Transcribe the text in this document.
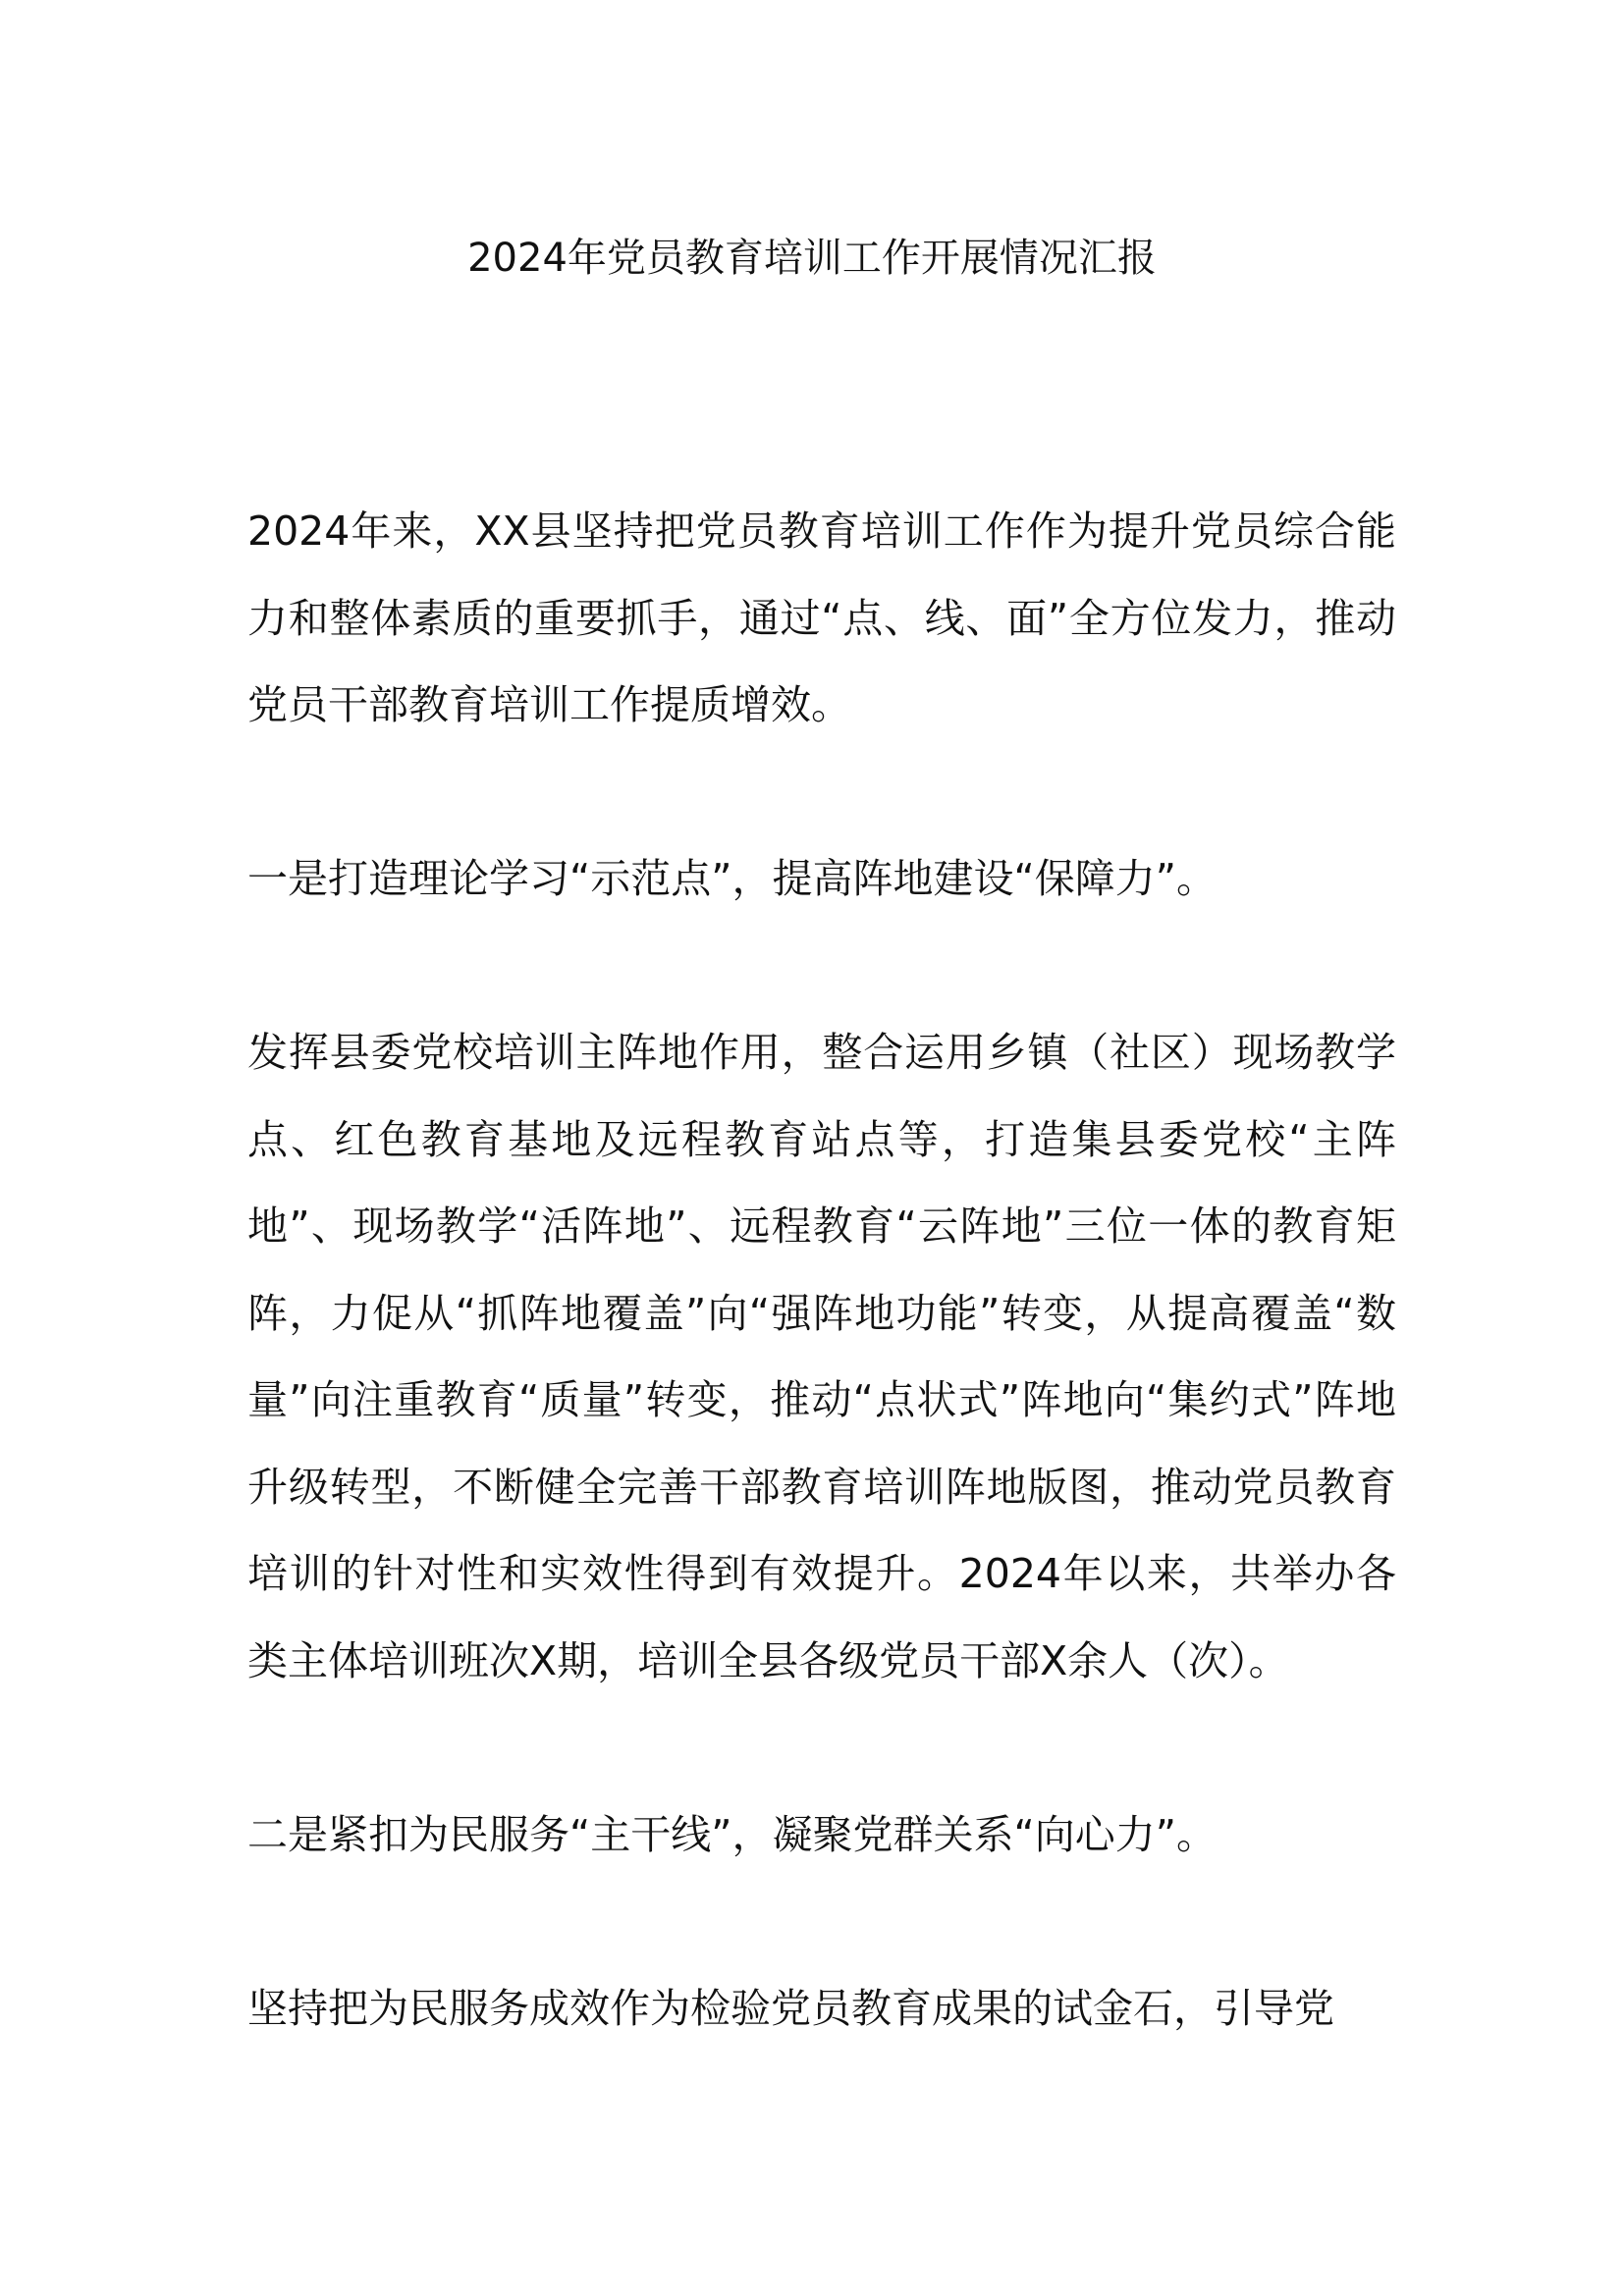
2024年党员教育培训工作开展情况汇报

2024年来，XX县坚持把党员教育培训工作作为提升党员综合能力和整体素质的重要抓手，通过“点、线、面”全方位发力，推动党员干部教育培训工作提质增效。

一是打造理论学习“示范点”，提高阵地建设“保障力”。

发挥县委党校培训主阵地作用，整合运用乡镇（社区）现场教学点、红色教育基地及远程教育站点等，打造集县委党校“主阵地”、现场教学“活阵地”、远程教育“云阵地”三位一体的教育矩阵，力促从“抓阵地覆盖”向“强阵地功能”转变，从提高覆盖“数量”向注重教育“质量”转变，推动“点状式”阵地向“集约式”阵地升级转型，不断健全完善干部教育培训阵地版图，推动党员教育培训的针对性和实效性得到有效提升。2024年以来，共举办各类主体培训班次X期，培训全县各级党员干部X余人（次）。

二是紧扣为民服务“主干线”，凝聚党群关系“向心力”。

坚持把为民服务成效作为检验党员教育成果的试金石，引导党
